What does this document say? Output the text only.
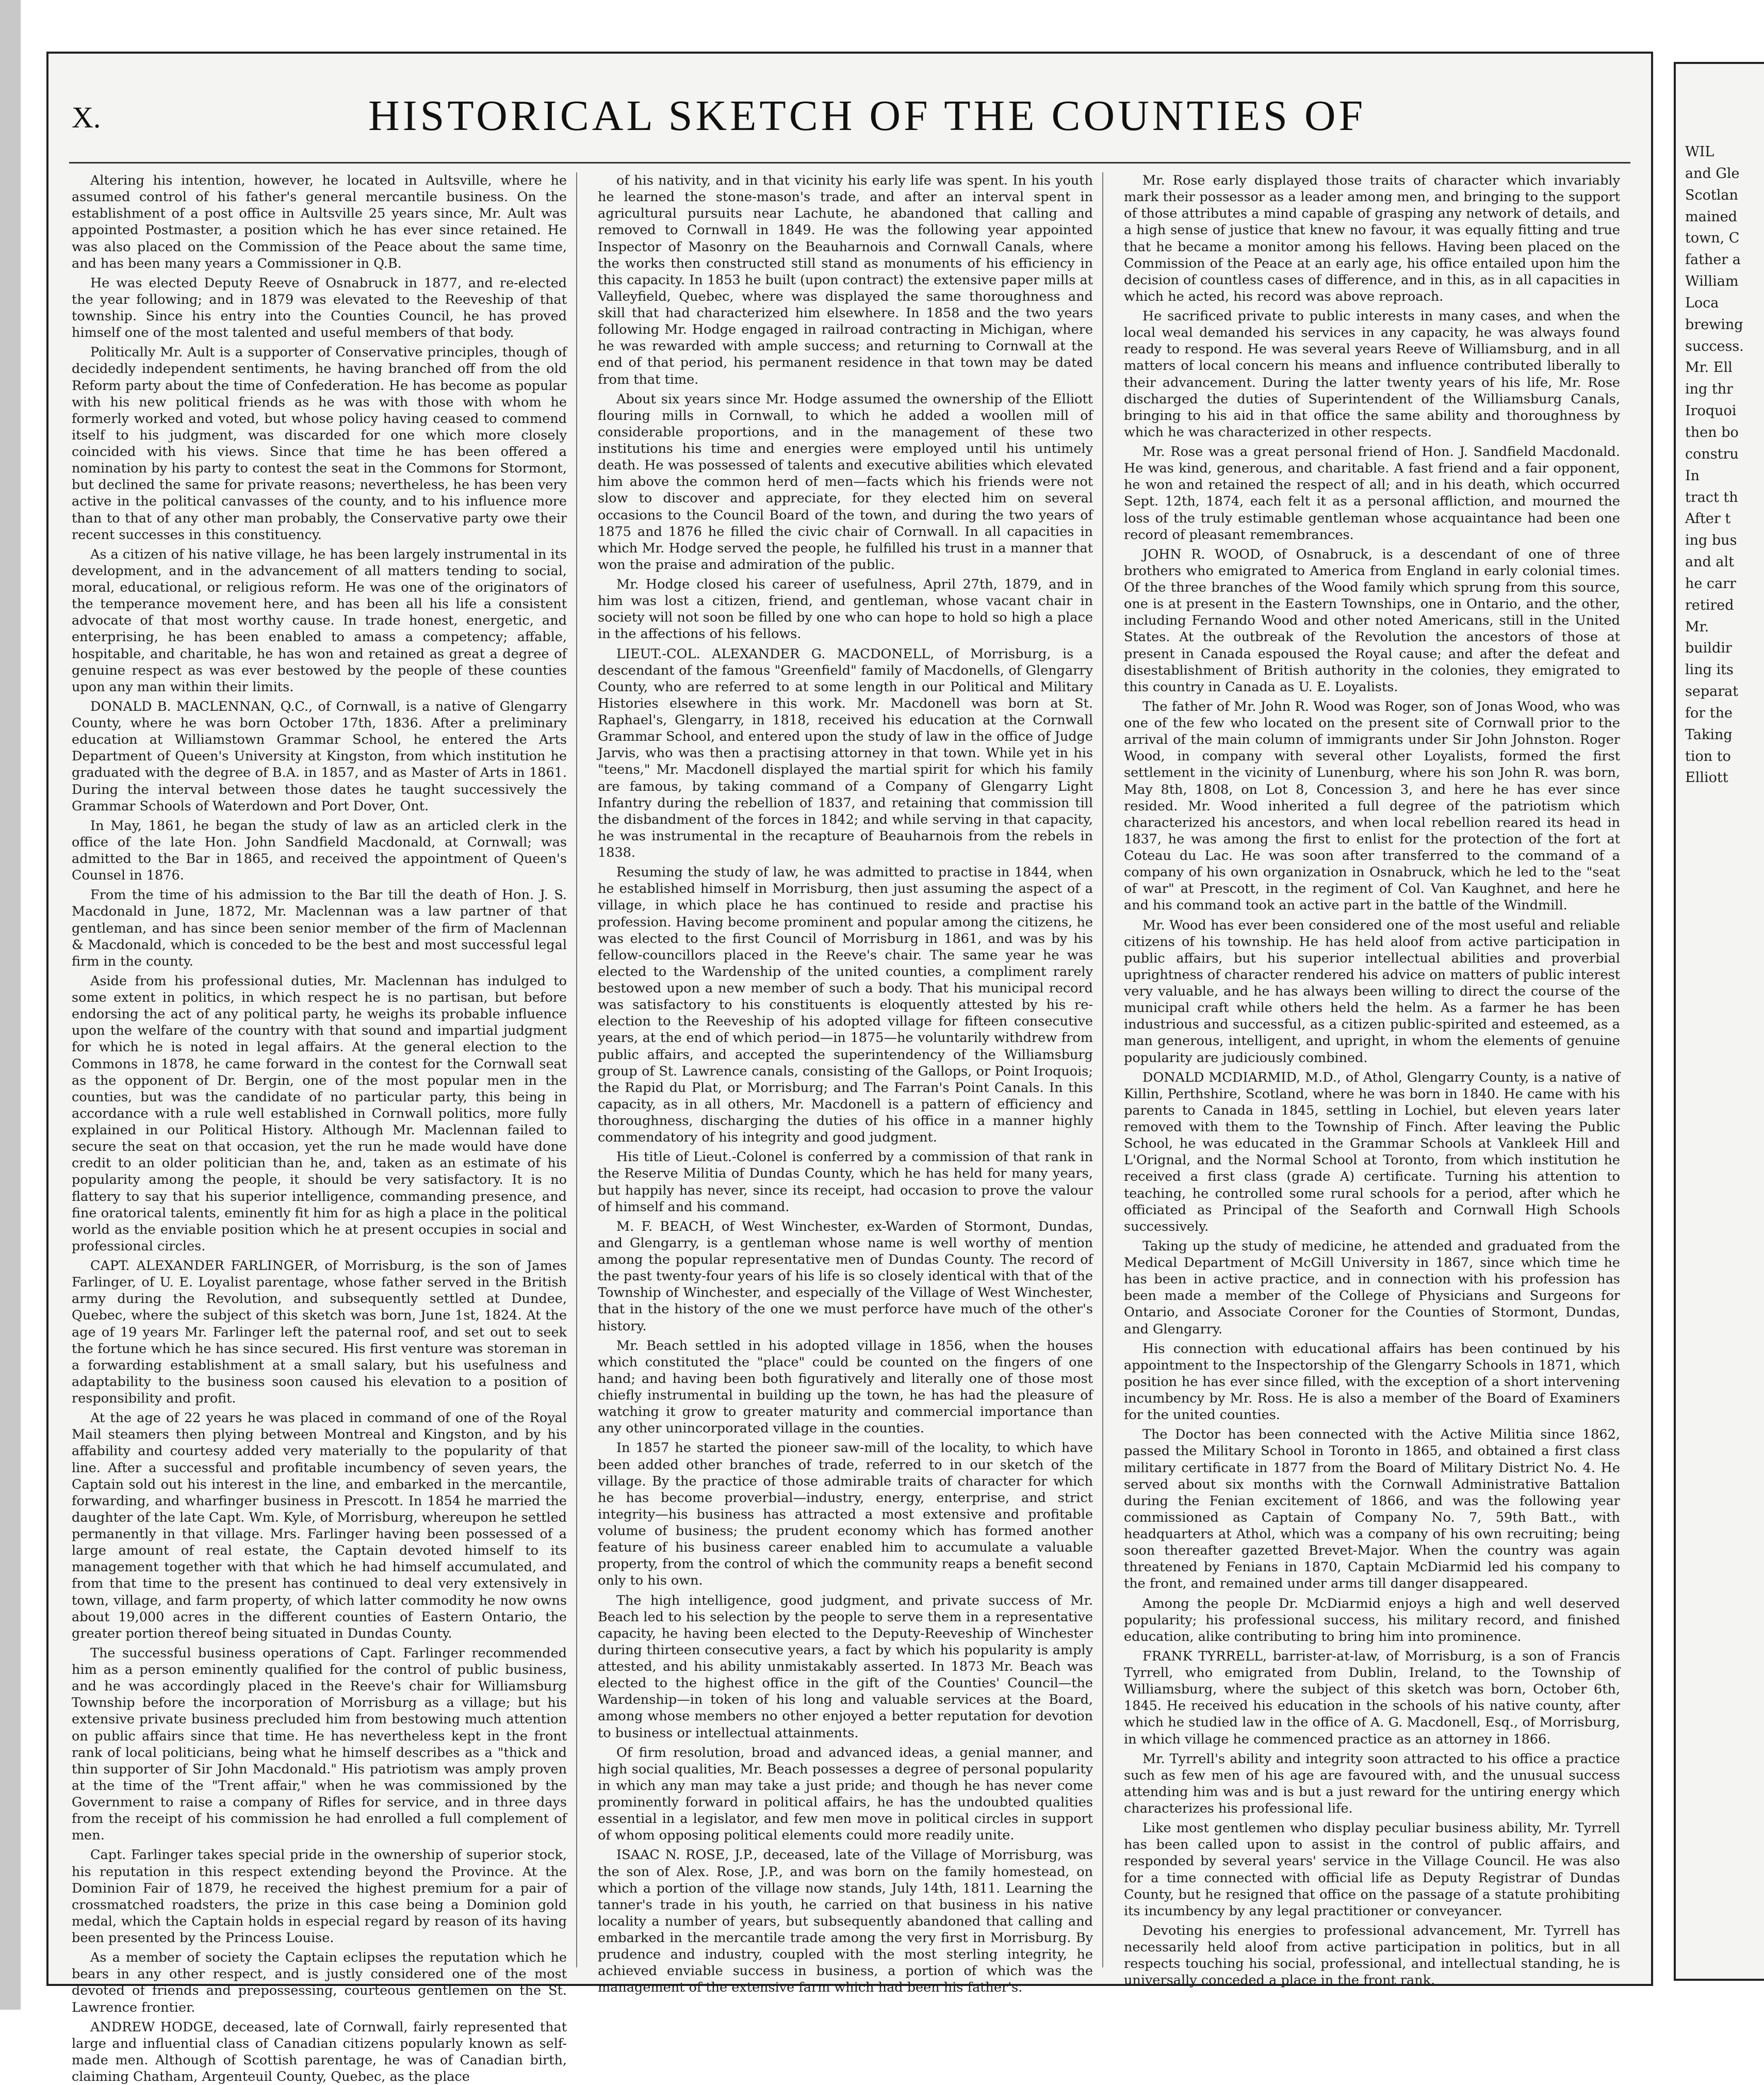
X.	HISTORICAL SKETCH OF THE COUNTIES OF

Altering his intention, however, he located in Aultsville, where he assumed control of his father's general mercantile business. On the establishment of a post office in Aultsville 25 years since, Mr. Ault was appointed Postmaster, a position which he has ever since retained. He was also placed on the Commission of the Peace about the same time, and has been many years a Commissioner in Q.B.

He was elected Deputy Reeve of Osnabruck in 1877, and re-elected the year following; and in 1879 was elevated to the Reeveship of that township. Since his entry into the Counties Council, he has proved himself one of the most talented and useful members of that body.

Politically Mr. Ault is a supporter of Conservative principles, though of decidedly independent sentiments, he having branched off from the old Reform party about the time of Confederation. He has become as popular with his new political friends as he was with those with whom he formerly worked and voted, but whose policy having ceased to commend itself to his judgment, was discarded for one which more closely coincided with his views. Since that time he has been offered a nomination by his party to contest the seat in the Commons for Stormont, but declined the same for private reasons; nevertheless, he has been very active in the political canvasses of the county, and to his influence more than to that of any other man probably, the Conservative party owe their recent successes in this constituency.

As a citizen of his native village, he has been largely instrumental in its development, and in the advancement of all matters tending to social, moral, educational, or religious reform. He was one of the originators of the temperance movement here, and has been all his life a consistent advocate of that most worthy cause. In trade honest, energetic, and enterprising, he has been enabled to amass a competency; affable, hospitable, and charitable, he has won and retained as great a degree of genuine respect as was ever bestowed by the people of these counties upon any man within their limits.

DONALD B. MACLENNAN, Q.C., of Cornwall, is a native of Glengarry County, where he was born October 17th, 1836. After a preliminary education at Williamstown Grammar School, he entered the Arts Department of Queen's University at Kingston, from which institution he graduated with the degree of B.A. in 1857, and as Master of Arts in 1861. During the interval between those dates he taught successively the Grammar Schools of Waterdown and Port Dover, Ont.

In May, 1861, he began the study of law as an articled clerk in the office of the late Hon. John Sandfield Macdonald, at Cornwall; was admitted to the Bar in 1865, and received the appointment of Queen's Counsel in 1876.

From the time of his admission to the Bar till the death of Hon. J. S. Macdonald in June, 1872, Mr. Maclennan was a law partner of that gentleman, and has since been senior member of the firm of Maclennan & Macdonald, which is conceded to be the best and most successful legal firm in the county.

Aside from his professional duties, Mr. Maclennan has indulged to some extent in politics, in which respect he is no partisan, but before endorsing the act of any political party, he weighs its probable influence upon the welfare of the country with that sound and impartial judgment for which he is noted in legal affairs. At the general election to the Commons in 1878, he came forward in the contest for the Cornwall seat as the opponent of Dr. Bergin, one of the most popular men in the counties, but was the candidate of no particular party, this being in accordance with a rule well established in Cornwall politics, more fully explained in our Political History. Although Mr. Maclennan failed to secure the seat on that occasion, yet the run he made would have done credit to an older politician than he, and, taken as an estimate of his popularity among the people, it should be very satisfactory. It is no flattery to say that his superior intelligence, commanding presence, and fine oratorical talents, eminently fit him for as high a place in the political world as the enviable position which he at present occupies in social and professional circles.

CAPT. ALEXANDER FARLINGER, of Morrisburg, is the son of James Farlinger, of U. E. Loyalist parentage, whose father served in the British army during the Revolution, and subsequently settled at Dundee, Quebec, where the subject of this sketch was born, June 1st, 1824. At the age of 19 years Mr. Farlinger left the paternal roof, and set out to seek the fortune which he has since secured. His first venture was storeman in a forwarding establishment at a small salary, but his usefulness and adaptability to the business soon caused his elevation to a position of responsibility and profit.

At the age of 22 years he was placed in command of one of the Royal Mail steamers then plying between Montreal and Kingston, and by his affability and courtesy added very materially to the popularity of that line. After a successful and profitable incumbency of seven years, the Captain sold out his interest in the line, and embarked in the mercantile, forwarding, and wharfinger business in Prescott. In 1854 he married the daughter of the late Capt. Wm. Kyle, of Morrisburg, whereupon he settled permanently in that village. Mrs. Farlinger having been possessed of a large amount of real estate, the Captain devoted himself to its management together with that which he had himself accumulated, and from that time to the present has continued to deal very extensively in town, village, and farm property, of which latter commodity he now owns about 19,000 acres in the different counties of Eastern Ontario, the greater portion thereof being situated in Dundas County.

The successful business operations of Capt. Farlinger recommended him as a person eminently qualified for the control of public business, and he was accordingly placed in the Reeve's chair for Williamsburg Township before the incorporation of Morrisburg as a village; but his extensive private business precluded him from bestowing much attention on public affairs since that time. He has nevertheless kept in the front rank of local politicians, being what he himself describes as a "thick and thin supporter of Sir John Macdonald." His patriotism was amply proven at the time of the "Trent affair," when he was commissioned by the Government to raise a company of Rifles for service, and in three days from the receipt of his commission he had enrolled a full complement of men.

Capt. Farlinger takes special pride in the ownership of superior stock, his reputation in this respect extending beyond the Province. At the Dominion Fair of 1879, he received the highest premium for a pair of crossmatched roadsters, the prize in this case being a Dominion gold medal, which the Captain holds in especial regard by reason of its having been presented by the Princess Louise.

As a member of society the Captain eclipses the reputation which he bears in any other respect, and is justly considered one of the most devoted of friends and prepossessing, courteous gentlemen on the St. Lawrence frontier.

ANDREW HODGE, deceased, late of Cornwall, fairly represented that large and influential class of Canadian citizens popularly known as self-made men. Although of Scottish parentage, he was of Canadian birth, claiming Chatham, Argenteuil County, Quebec, as the place

of his nativity, and in that vicinity his early life was spent. In his youth he learned the stone-mason's trade, and after an interval spent in agricultural pursuits near Lachute, he abandoned that calling and removed to Cornwall in 1849. He was the following year appointed Inspector of Masonry on the Beauharnois and Cornwall Canals, where the works then constructed still stand as monuments of his efficiency in this capacity. In 1853 he built (upon contract) the extensive paper mills at Valleyfield, Quebec, where was displayed the same thoroughness and skill that had characterized him elsewhere. In 1858 and the two years following Mr. Hodge engaged in railroad contracting in Michigan, where he was rewarded with ample success; and returning to Cornwall at the end of that period, his permanent residence in that town may be dated from that time.

About six years since Mr. Hodge assumed the ownership of the Elliott flouring mills in Cornwall, to which he added a woollen mill of considerable proportions, and in the management of these two institutions his time and energies were employed until his untimely death. He was possessed of talents and executive abilities which elevated him above the common herd of men—facts which his friends were not slow to discover and appreciate, for they elected him on several occasions to the Council Board of the town, and during the two years of 1875 and 1876 he filled the civic chair of Cornwall. In all capacities in which Mr. Hodge served the people, he fulfilled his trust in a manner that won the praise and admiration of the public.

Mr. Hodge closed his career of usefulness, April 27th, 1879, and in him was lost a citizen, friend, and gentleman, whose vacant chair in society will not soon be filled by one who can hope to hold so high a place in the affections of his fellows.

LIEUT.-COL. ALEXANDER G. MACDONELL, of Morrisburg, is a descendant of the famous "Greenfield" family of Macdonells, of Glengarry County, who are referred to at some length in our Political and Military Histories elsewhere in this work. Mr. Macdonell was born at St. Raphael's, Glengarry, in 1818, received his education at the Cornwall Grammar School, and entered upon the study of law in the office of Judge Jarvis, who was then a practising attorney in that town. While yet in his "teens," Mr. Macdonell displayed the martial spirit for which his family are famous, by taking command of a Company of Glengarry Light Infantry during the rebellion of 1837, and retaining that commission till the disbandment of the forces in 1842; and while serving in that capacity, he was instrumental in the recapture of Beauharnois from the rebels in 1838.

Resuming the study of law, he was admitted to practise in 1844, when he established himself in Morrisburg, then just assuming the aspect of a village, in which place he has continued to reside and practise his profession. Having become prominent and popular among the citizens, he was elected to the first Council of Morrisburg in 1861, and was by his fellow-councillors placed in the Reeve's chair. The same year he was elected to the Wardenship of the united counties, a compliment rarely bestowed upon a new member of such a body. That his municipal record was satisfactory to his constituents is eloquently attested by his re-election to the Reeveship of his adopted village for fifteen consecutive years, at the end of which period—in 1875—he voluntarily withdrew from public affairs, and accepted the superintendency of the Williamsburg group of St. Lawrence canals, consisting of the Gallops, or Point Iroquois; the Rapid du Plat, or Morrisburg; and The Farran's Point Canals. In this capacity, as in all others, Mr. Macdonell is a pattern of efficiency and thoroughness, discharging the duties of his office in a manner highly commendatory of his integrity and good judgment.

His title of Lieut.-Colonel is conferred by a commission of that rank in the Reserve Militia of Dundas County, which he has held for many years, but happily has never, since its receipt, had occasion to prove the valour of himself and his command.

M. F. BEACH, of West Winchester, ex-Warden of Stormont, Dundas, and Glengarry, is a gentleman whose name is well worthy of mention among the popular representative men of Dundas County. The record of the past twenty-four years of his life is so closely identical with that of the Township of Winchester, and especially of the Village of West Winchester, that in the history of the one we must perforce have much of the other's history.

Mr. Beach settled in his adopted village in 1856, when the houses which constituted the "place" could be counted on the fingers of one hand; and having been both figuratively and literally one of those most chiefly instrumental in building up the town, he has had the pleasure of watching it grow to greater maturity and commercial importance than any other unincorporated village in the counties.

In 1857 he started the pioneer saw-mill of the locality, to which have been added other branches of trade, referred to in our sketch of the village. By the practice of those admirable traits of character for which he has become proverbial—industry, energy, enterprise, and strict integrity—his business has attracted a most extensive and profitable volume of business; the prudent economy which has formed another feature of his business career enabled him to accumulate a valuable property, from the control of which the community reaps a benefit second only to his own.

The high intelligence, good judgment, and private success of Mr. Beach led to his selection by the people to serve them in a representative capacity, he having been elected to the Deputy-Reeveship of Winchester during thirteen consecutive years, a fact by which his popularity is amply attested, and his ability unmistakably asserted. In 1873 Mr. Beach was elected to the highest office in the gift of the Counties' Council—the Wardenship—in token of his long and valuable services at the Board, among whose members no other enjoyed a better reputation for devotion to business or intellectual attainments.

Of firm resolution, broad and advanced ideas, a genial manner, and high social qualities, Mr. Beach possesses a degree of personal popularity in which any man may take a just pride; and though he has never come prominently forward in political affairs, he has the undoubted qualities essential in a legislator, and few men move in political circles in support of whom opposing political elements could more readily unite.

ISAAC N. ROSE, J.P., deceased, late of the Village of Morrisburg, was the son of Alex. Rose, J.P., and was born on the family homestead, on which a portion of the village now stands, July 14th, 1811. Learning the tanner's trade in his youth, he carried on that business in his native locality a number of years, but subsequently abandoned that calling and embarked in the mercantile trade among the very first in Morrisburg. By prudence and industry, coupled with the most sterling integrity, he achieved enviable success in business, a portion of which was the management of the extensive farm which had been his father's.

Mr. Rose early displayed those traits of character which invariably mark their possessor as a leader among men, and bringing to the support of those attributes a mind capable of grasping any network of details, and a high sense of justice that knew no favour, it was equally fitting and true that he became a monitor among his fellows. Having been placed on the Commission of the Peace at an early age, his office entailed upon him the decision of countless cases of difference, and in this, as in all capacities in which he acted, his record was above reproach.

He sacrificed private to public interests in many cases, and when the local weal demanded his services in any capacity, he was always found ready to respond. He was several years Reeve of Williamsburg, and in all matters of local concern his means and influence contributed liberally to their advancement. During the latter twenty years of his life, Mr. Rose discharged the duties of Superintendent of the Williamsburg Canals, bringing to his aid in that office the same ability and thoroughness by which he was characterized in other respects.

Mr. Rose was a great personal friend of Hon. J. Sandfield Macdonald. He was kind, generous, and charitable. A fast friend and a fair opponent, he won and retained the respect of all; and in his death, which occurred Sept. 12th, 1874, each felt it as a personal affliction, and mourned the loss of the truly estimable gentleman whose acquaintance had been one record of pleasant remembrances.

JOHN R. WOOD, of Osnabruck, is a descendant of one of three brothers who emigrated to America from England in early colonial times. Of the three branches of the Wood family which sprung from this source, one is at present in the Eastern Townships, one in Ontario, and the other, including Fernando Wood and other noted Americans, still in the United States. At the outbreak of the Revolution the ancestors of those at present in Canada espoused the Royal cause; and after the defeat and disestablishment of British authority in the colonies, they emigrated to this country in Canada as U. E. Loyalists.

The father of Mr. John R. Wood was Roger, son of Jonas Wood, who was one of the few who located on the present site of Cornwall prior to the arrival of the main column of immigrants under Sir John Johnston. Roger Wood, in company with several other Loyalists, formed the first settlement in the vicinity of Lunenburg, where his son John R. was born, May 8th, 1808, on Lot 8, Concession 3, and here he has ever since resided. Mr. Wood inherited a full degree of the patriotism which characterized his ancestors, and when local rebellion reared its head in 1837, he was among the first to enlist for the protection of the fort at Coteau du Lac. He was soon after transferred to the command of a company of his own organization in Osnabruck, which he led to the "seat of war" at Prescott, in the regiment of Col. Van Kaughnet, and here he and his command took an active part in the battle of the Windmill.

Mr. Wood has ever been considered one of the most useful and reliable citizens of his township. He has held aloof from active participation in public affairs, but his superior intellectual abilities and proverbial uprightness of character rendered his advice on matters of public interest very valuable, and he has always been willing to direct the course of the municipal craft while others held the helm. As a farmer he has been industrious and successful, as a citizen public-spirited and esteemed, as a man generous, intelligent, and upright, in whom the elements of genuine popularity are judiciously combined.

DONALD MCDIARMID, M.D., of Athol, Glengarry County, is a native of Killin, Perthshire, Scotland, where he was born in 1840. He came with his parents to Canada in 1845, settling in Lochiel, but eleven years later removed with them to the Township of Finch. After leaving the Public School, he was educated in the Grammar Schools at Vankleek Hill and L'Orignal, and the Normal School at Toronto, from which institution he received a first class (grade A) certificate. Turning his attention to teaching, he controlled some rural schools for a period, after which he officiated as Principal of the Seaforth and Cornwall High Schools successively.

Taking up the study of medicine, he attended and graduated from the Medical Department of McGill University in 1867, since which time he has been in active practice, and in connection with his profession has been made a member of the College of Physicians and Surgeons for Ontario, and Associate Coroner for the Counties of Stormont, Dundas, and Glengarry.

His connection with educational affairs has been continued by his appointment to the Inspectorship of the Glengarry Schools in 1871, which position he has ever since filled, with the exception of a short intervening incumbency by Mr. Ross. He is also a member of the Board of Examiners for the united counties.

The Doctor has been connected with the Active Militia since 1862, passed the Military School in Toronto in 1865, and obtained a first class military certificate in 1877 from the Board of Military District No. 4. He served about six months with the Cornwall Administrative Battalion during the Fenian excitement of 1866, and was the following year commissioned as Captain of Company No. 7, 59th Batt., with headquarters at Athol, which was a company of his own recruiting; being soon thereafter gazetted Brevet-Major. When the country was again threatened by Fenians in 1870, Captain McDiarmid led his company to the front, and remained under arms till danger disappeared.

Among the people Dr. McDiarmid enjoys a high and well deserved popularity; his professional success, his military record, and finished education, alike contributing to bring him into prominence.

FRANK TYRRELL, barrister-at-law, of Morrisburg, is a son of Francis Tyrrell, who emigrated from Dublin, Ireland, to the Township of Williamsburg, where the subject of this sketch was born, October 6th, 1845. He received his education in the schools of his native county, after which he studied law in the office of A. G. Macdonell, Esq., of Morrisburg, in which village he commenced practice as an attorney in 1866.

Mr. Tyrrell's ability and integrity soon attracted to his office a practice such as few men of his age are favoured with, and the unusual success attending him was and is but a just reward for the untiring energy which characterizes his professional life.

Like most gentlemen who display peculiar business ability, Mr. Tyrrell has been called upon to assist in the control of public affairs, and responded by several years' service in the Village Council. He was also for a time connected with official life as Deputy Registrar of Dundas County, but he resigned that office on the passage of a statute prohibiting its incumbency by any legal practitioner or conveyancer.

Devoting his energies to professional advancement, Mr. Tyrrell has necessarily held aloof from active participation in politics, but in all respects touching his social, professional, and intellectual standing, he is universally conceded a place in the front rank.

WIL
and Gle
Scotlan
mained
town, C
father a
William
Loca
brewing
success.
Mr. Ell
ing thr
Iroquoi
then bo
constru
In
tract th
After t
ing bus
and alt
he carr
retired
Mr.
buildir
ling its
separat
for the
Taking
tion to
Elliott
